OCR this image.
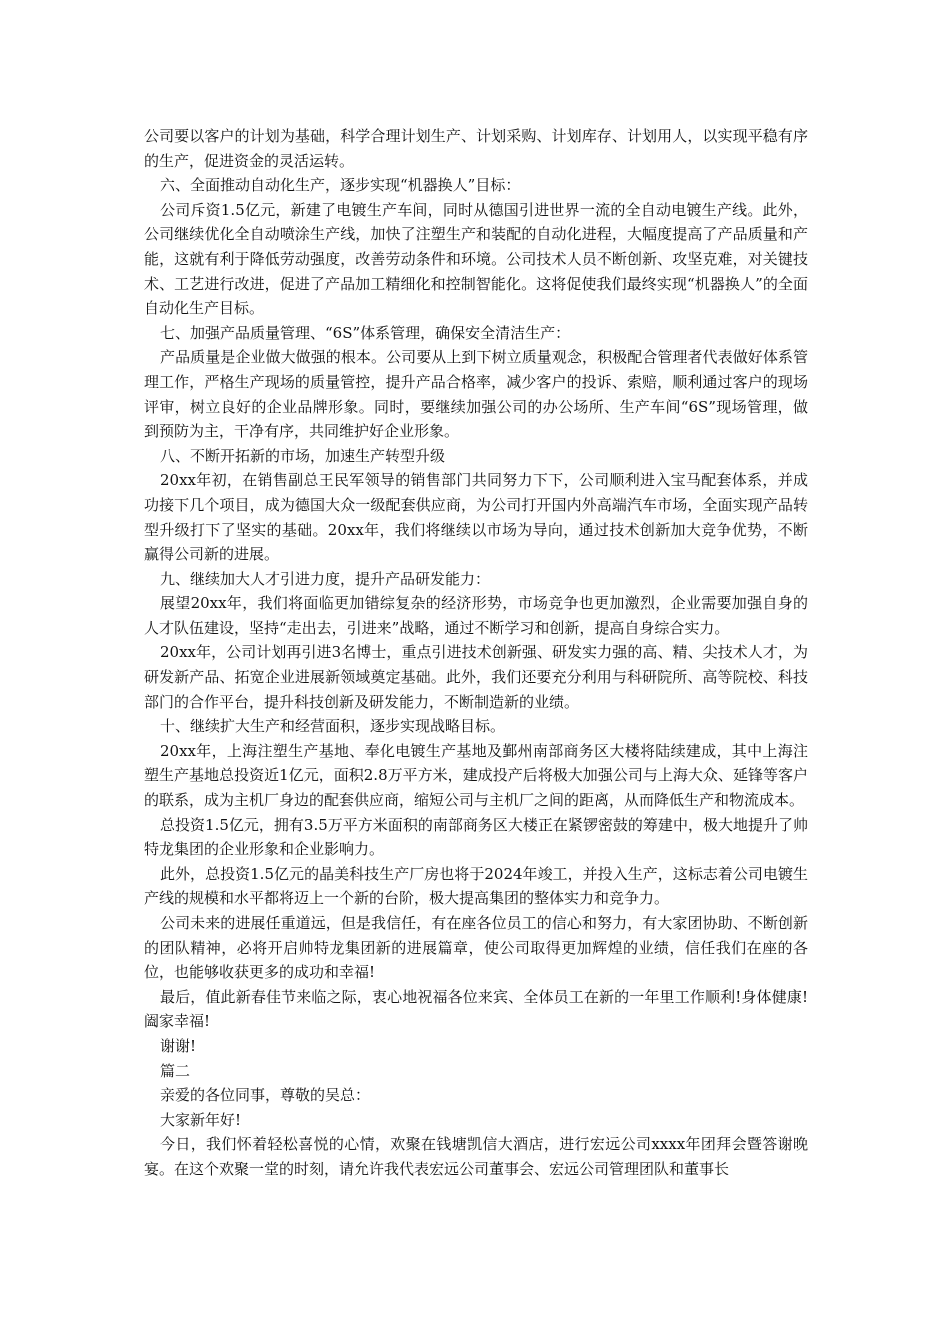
公司要以客户的计划为基础，科学合理计划生产、计划采购、计划库存、计划用人，以实现平稳有序的生产，促进资金的灵活运转。

六、全面推动自动化生产，逐步实现“机器换人”目标：

公司斥资1.5亿元，新建了电镀生产车间，同时从德国引进世界一流的全自动电镀生产线。此外，公司继续优化全自动喷涂生产线，加快了注塑生产和装配的自动化进程，大幅度提高了产品质量和产能，这就有利于降低劳动强度，改善劳动条件和环境。公司技术人员不断创新、攻坚克难，对关键技术、工艺进行改进，促进了产品加工精细化和控制智能化。这将促使我们最终实现“机器换人”的全面自动化生产目标。

七、加强产品质量管理、“6S”体系管理，确保安全清洁生产：

产品质量是企业做大做强的根本。公司要从上到下树立质量观念，积极配合管理者代表做好体系管理工作，严格生产现场的质量管控，提升产品合格率，减少客户的投诉、索赔，顺利通过客户的现场评审，树立良好的企业品牌形象。同时，要继续加强公司的办公场所、生产车间“6S”现场管理，做到预防为主，干净有序，共同维护好企业形象。

八、不断开拓新的市场，加速生产转型升级

20xx年初，在销售副总王民军领导的销售部门共同努力下下，公司顺利进入宝马配套体系，并成功接下几个项目，成为德国大众一级配套供应商，为公司打开国内外高端汽车市场，全面实现产品转型升级打下了坚实的基础。20xx年，我们将继续以市场为导向，通过技术创新加大竞争优势，不断赢得公司新的进展。

九、继续加大人才引进力度，提升产品研发能力：

展望20xx年，我们将面临更加错综复杂的经济形势，市场竞争也更加激烈，企业需要加强自身的人才队伍建设，坚持“走出去，引进来”战略，通过不断学习和创新，提高自身综合实力。

20xx年，公司计划再引进3名博士，重点引进技术创新强、研发实力强的高、精、尖技术人才，为研发新产品、拓宽企业进展新领域奠定基础。此外，我们还要充分利用与科研院所、高等院校、科技部门的合作平台，提升科技创新及研发能力，不断制造新的业绩。

十、继续扩大生产和经营面积，逐步实现战略目标。

20xx年，上海注塑生产基地、奉化电镀生产基地及鄞州南部商务区大楼将陆续建成，其中上海注塑生产基地总投资近1亿元，面积2.8万平方米，建成投产后将极大加强公司与上海大众、延锋等客户的联系，成为主机厂身边的配套供应商，缩短公司与主机厂之间的距离，从而降低生产和物流成本。

总投资1.5亿元，拥有3.5万平方米面积的南部商务区大楼正在紧锣密鼓的筹建中，极大地提升了帅特龙集团的企业形象和企业影响力。

此外，总投资1.5亿元的晶美科技生产厂房也将于2024年竣工，并投入生产，这标志着公司电镀生产线的规模和水平都将迈上一个新的台阶，极大提高集团的整体实力和竞争力。

公司未来的进展任重道远，但是我信任，有在座各位员工的信心和努力，有大家团协助、不断创新的团队精神，必将开启帅特龙集团新的进展篇章，使公司取得更加辉煌的业绩，信任我们在座的各位，也能够收获更多的成功和幸福!

最后，值此新春佳节来临之际，衷心地祝福各位来宾、全体员工在新的一年里工作顺利!身体健康!阖家幸福!

谢谢!

篇二

亲爱的各位同事，尊敬的吴总：

大家新年好!

今日，我们怀着轻松喜悦的心情，欢聚在钱塘凯信大酒店，进行宏远公司xxxx年团拜会暨答谢晚宴。在这个欢聚一堂的时刻，请允许我代表宏远公司董事会、宏远公司管理团队和董事长
